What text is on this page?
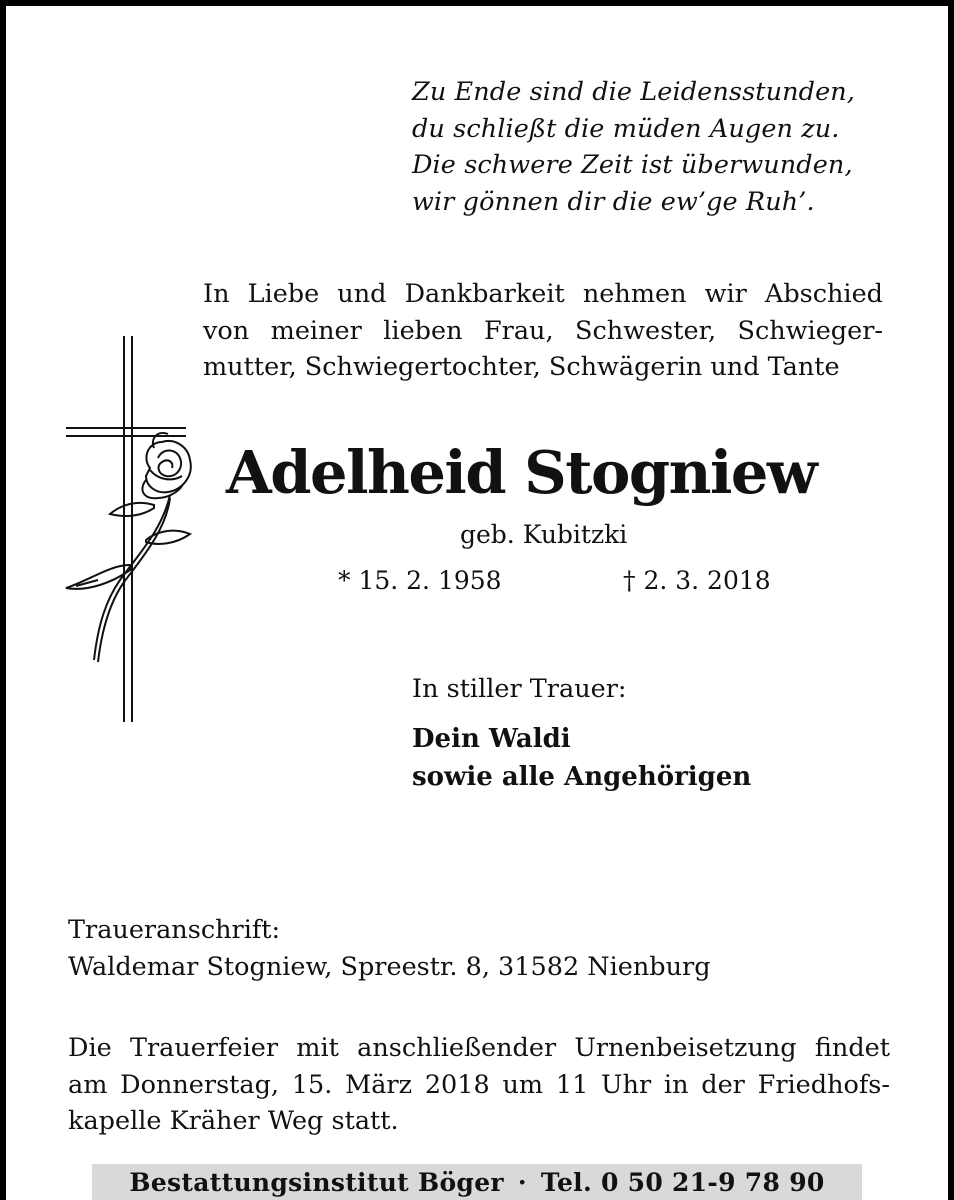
Zu Ende sind die Leidensstunden,
du schließt die müden Augen zu.
Die schwere Zeit ist überwunden,
wir gönnen dir die ew’ge Ruh’.
In Liebe und Dankbarkeit nehmen wir Abschied
von meiner lieben Frau, Schwester, Schwieger-
mutter, Schwiegertochter, Schwägerin und Tante
Adelheid Stogniew
geb. Kubitzki
* 15. 2. 1958	† 2. 3. 2018
In stiller Trauer:
Dein Waldi
sowie alle Angehörigen
Traueranschrift:
Waldemar Stogniew, Spreestr. 8, 31582 Nienburg
Die Trauerfeier mit anschließender Urnenbeisetzung findet
am Donnerstag, 15. März 2018 um 11 Uhr in der Friedhofs-
kapelle Kräher Weg statt.
Bestattungsinstitut Böger · Tel. 0 50 21-9 78 90
